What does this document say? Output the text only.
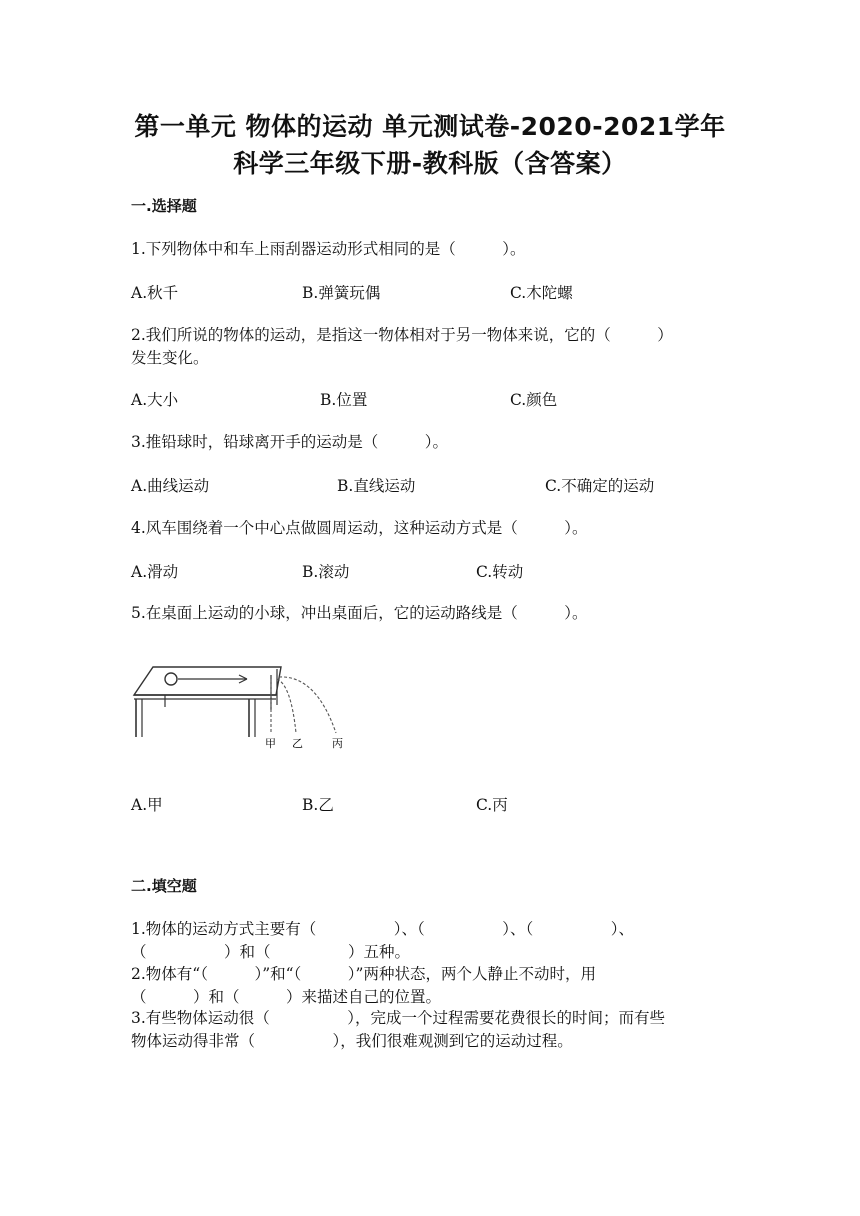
第一单元 物体的运动 单元测试卷-2020-2021学年
科学三年级下册-教科版（含答案）
一.选择题
1.下列物体中和车上雨刮器运动形式相同的是（　　　）。
A.秋千	B.弹簧玩偶	C.木陀螺
2.我们所说的物体的运动，是指这一物体相对于另一物体来说，它的（　　　）
发生变化。
A.大小	B.位置	C.颜色
3.推铅球时，铅球离开手的运动是（　　　）。
A.曲线运动	B.直线运动	C.不确定的运动
4.风车围绕着一个中心点做圆周运动，这种运动方式是（　　　）。
A.滑动	B.滚动	C.转动
5.在桌面上运动的小球，冲出桌面后，它的运动路线是（　　　）。
甲 乙	丙
A.甲	B.乙	C.丙
二.填空题
1.物体的运动方式主要有（　　　　　）、（　　　　　）、（　　　　　）、
（　　　　　）和（　　　　　）五种。
2.物体有“（　　　）”和“（　　　）”两种状态，两个人静止不动时，用
（　　　）和（　　　）来描述自己的位置。
3.有些物体运动很（　　　　　），完成一个过程需要花费很长的时间；而有些
物体运动得非常（　　　　　），我们很难观测到它的运动过程。
